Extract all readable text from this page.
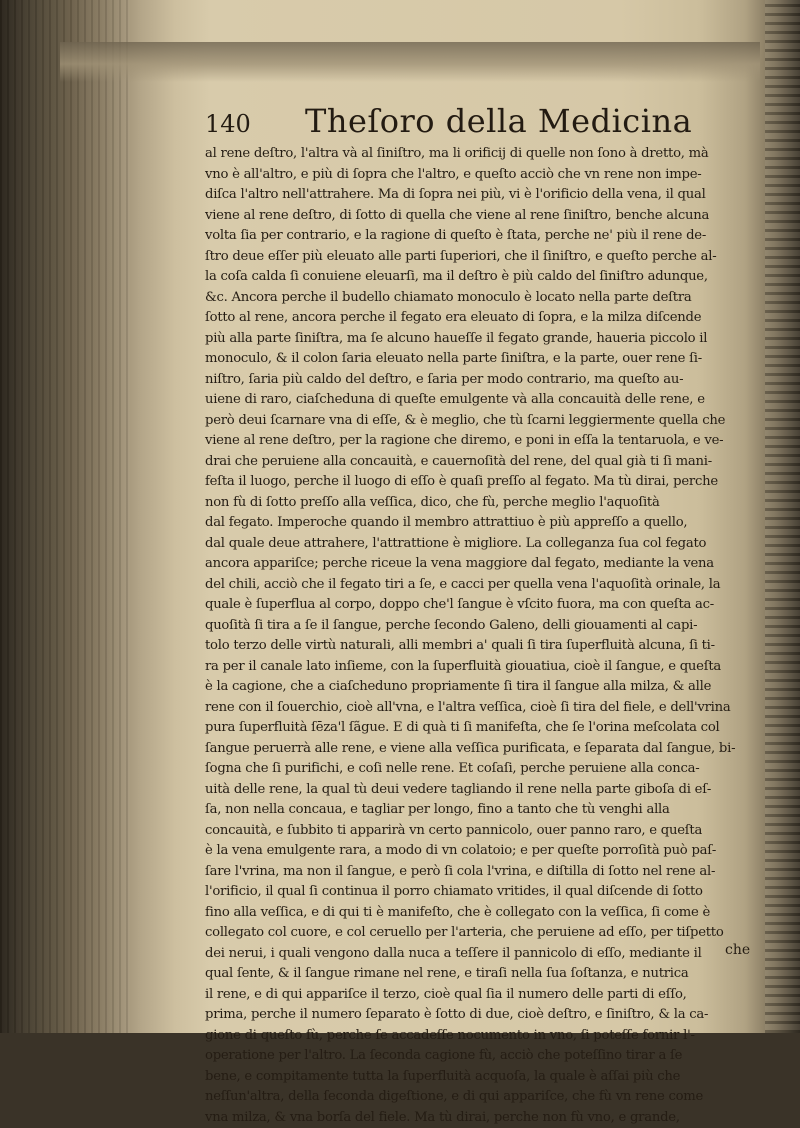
140 Theſoro della Medicina
al rene deſtro, l'altra và al ſiniſtro, ma li orificij di quelle non ſono à dretto, mà
vno è all'altro, e più di ſopra che l'altro, e queſto acciò che vn rene non impe-
diſca l'altro nell'attrahere. Ma di ſopra nei più, vi è l'orificio della vena, il qual
viene al rene deſtro, di ſotto di quella che viene al rene ſiniſtro, benche alcuna
volta ſia per contrario, e la ragione di queſto è ſtata, perche ne' più il rene de-
ſtro deue eſſer più eleuato alle parti ſuperiori, che il ſiniſtro, e queſto perche al-
la coſa calda ſi conuiene eleuarſi, ma il deſtro è più caldo del ſiniſtro adunque,
&c. Ancora perche il budello chiamato monoculo è locato nella parte deſtra
ſotto al rene, ancora perche il fegato era eleuato di ſopra, e la milza diſcende
più alla parte ſiniſtra, ma ſe alcuno haueſſe il fegato grande, haueria piccolo il
monoculo, & il colon ſaria eleuato nella parte ſiniſtra, e la parte, ouer rene ſi-
niſtro, ſaria più caldo del deſtro, e ſaria per modo contrario, ma queſto au-
uiene di raro, ciaſcheduna di queſte emulgente và alla concauità delle rene, e
però deui ſcarnare vna di eſſe, & è meglio, che tù ſcarni leggiermente quella che
viene al rene deſtro, per la ragione che diremo, e poni in eſſa la tentaruola, e ve-
drai che peruiene alla concauità, e cauernoſità del rene, del qual già ti ſi mani-
feſta il luogo, perche il luogo di eſſo è quaſi preſſo al fegato. Ma tù dirai, perche
non fù di ſotto preſſo alla veſſica, dico, che fù, perche meglio l'aquoſità
dal fegato. Imperoche quando il membro attrattiuo è più appreſſo a quello,
dal quale deue attrahere, l'attrattione è migliore. La colleganza ſua col fegato
ancora appariſce; perche riceue la vena maggiore dal fegato, mediante la vena
del chili, acciò che il fegato tiri a ſe, e cacci per quella vena l'aquoſità orinale, la
quale è ſuperflua al corpo, doppo che'l ſangue è vſcito fuora, ma con queſta ac-
quoſità ſi tira a ſe il ſangue, perche ſecondo Galeno, delli giouamenti al capi-
tolo terzo delle virtù naturali, alli membri a' quali ſi tira ſuperfluità alcuna, ſi ti-
ra per il canale lato inſieme, con la ſuperfluità giouatiua, cioè il ſangue, e queſta
è la cagione, che a ciaſcheduno propriamente ſi tira il ſangue alla milza, & alle
rene con il ſouerchio, cioè all'vna, e l'altra veſſica, cioè ſi tira del fiele, e dell'vrina
pura ſuperfluità ſēza'l ſãgue. E di quà ti ſi manifeſta, che ſe l'orina meſcolata col
ſangue peruerrà alle rene, e viene alla veſſica purificata, e ſeparata dal ſangue, bi-
ſogna che ſi purifichi, e coſi nelle rene. Et coſaſi, perche peruiene alla conca-
uità delle rene, la qual tù deui vedere tagliando il rene nella parte giboſa di eſ-
ſa, non nella concaua, e tagliar per longo, fino a tanto che tù venghi alla
concauità, e ſubbito ti apparirà vn certo pannicolo, ouer panno raro, e queſta
è la vena emulgente rara, a modo di vn colatoio; e per queſte porroſità può paſ-
ſare l'vrina, ma non il ſangue, e però ſi cola l'vrina, e diſtilla di ſotto nel rene al-
l'orificio, il qual ſi continua il porro chiamato vritides, il qual diſcende di ſotto
fino alla veſſica, e di qui ti è manifeſto, che è collegato con la veſſica, ſi come è
collegato col cuore, e col ceruello per l'arteria, che peruiene ad eſſo, per tiſpetto
dei nerui, i quali vengono dalla nuca a teſſere il pannicolo di eſſo, mediante il
qual ſente, & il ſangue rimane nel rene, e tiraſi nella ſua ſoſtanza, e nutrica
il rene, e di qui appariſce il terzo, cioè qual ſia il numero delle parti di eſſo,
prima, perche il numero ſeparato è ſotto di due, cioè deſtro, e ſiniſtro, & la ca-
gione di queſto fù, perche ſe accadeſſe nocumento in vno, ſi poteſſe fornir l'-
operatione per l'altro. La ſeconda cagione fù, acciò che poteſſino tirar a ſe
bene, e compitamente tutta la ſuperfluità acquoſa, la quale è aſſai più che
neſſun'altra, della ſeconda digeſtione, e di qui appariſce, che fù vn rene come
vna milza, & vna borſa del fiele. Ma tù dirai, perche non fù vno, e grande,
che
